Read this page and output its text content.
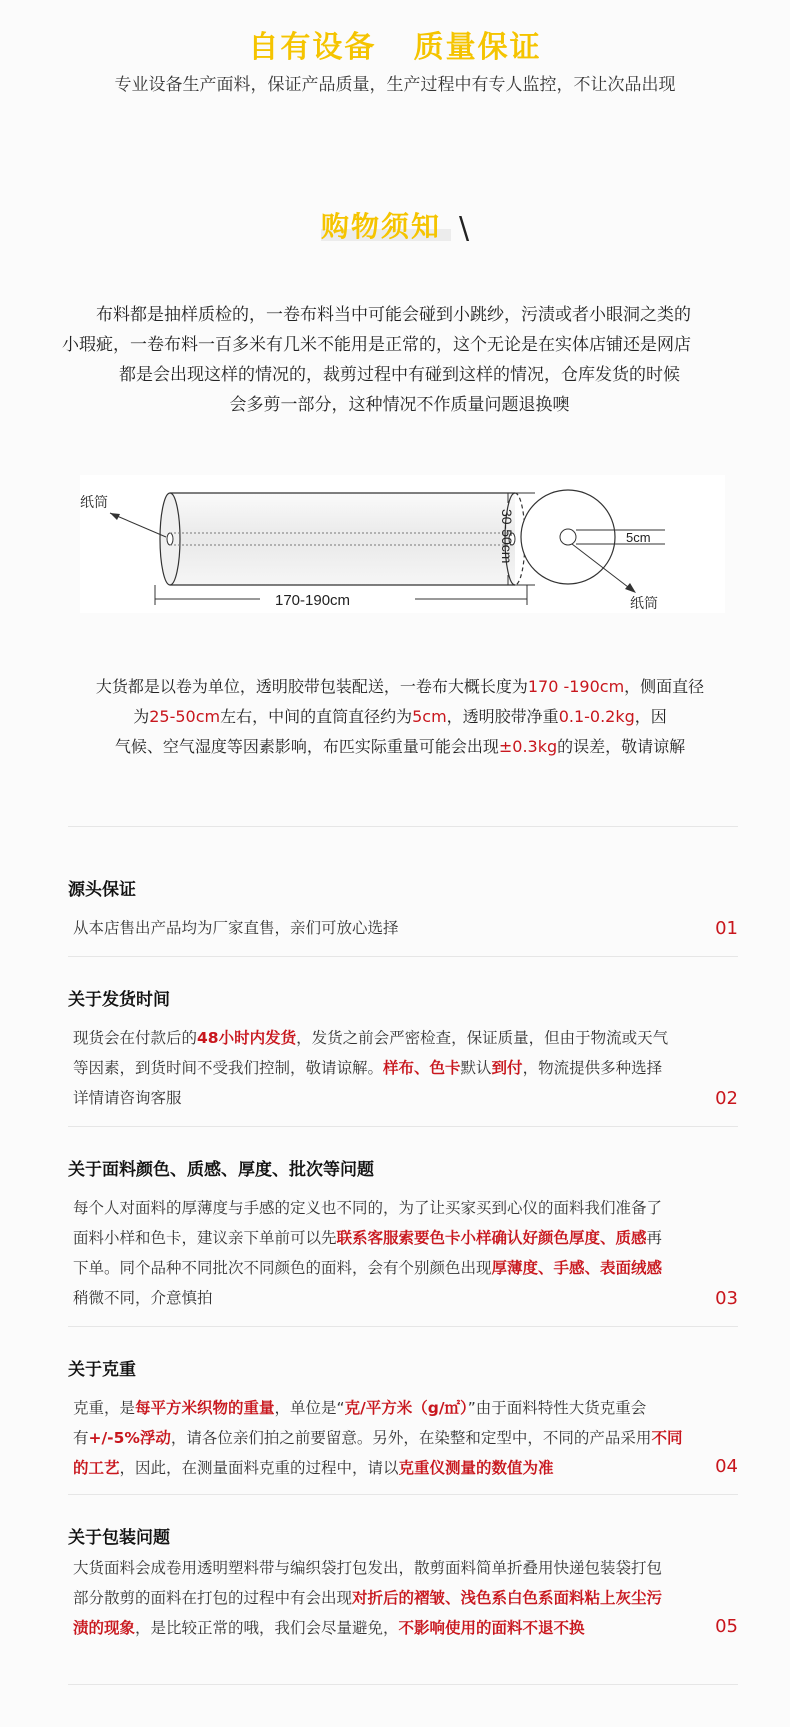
自有设备   质量保证
专业设备生产面料，保证产品质量，生产过程中有专人监控，不让次品出现
购物须知 \
布料都是抽样质检的，一卷布料当中可能会碰到小跳纱，污渍或者小眼洞之类的
小瑕疵，一卷布料一百多米有几米不能用是正常的，这个无论是在实体店铺还是网店
都是会出现这样的情况的，裁剪过程中有碰到这样的情况，仓库发货的时候
会多剪一部分，这种情况不作质量问题退换噢
纸筒
170-190cm
30-50cm	5cm
纸筒
大货都是以卷为单位，透明胶带包装配送，一卷布大概长度为170 -190cm，侧面直径
为25-50cm左右，中间的直筒直径约为5cm，透明胶带净重0.1-0.2kg，因
气候、空气湿度等因素影响，布匹实际重量可能会出现±0.3kg的误差，敬请谅解
源头保证
从本店售出产品均为厂家直售，亲们可放心选择	01
关于发货时间
现货会在付款后的48小时内发货，发货之前会严密检查，保证质量，但由于物流或天气
等因素，到货时间不受我们控制，敬请谅解。样布、色卡默认到付，物流提供多种选择
详情请咨询客服	02
关于面料颜色、质感、厚度、批次等问题
每个人对面料的厚薄度与手感的定义也不同的，为了让买家买到心仪的面料我们准备了
面料小样和色卡，建议亲下单前可以先联系客服索要色卡小样确认好颜色厚度、质感再
下单。同个品种不同批次不同颜色的面料，会有个别颜色出现厚薄度、手感、表面绒感
稍微不同，介意慎拍	03
关于克重
克重，是每平方米织物的重量，单位是“克/平方米（g/㎡）”由于面料特性大货克重会
有+/-5%浮动，请各位亲们拍之前要留意。另外，在染整和定型中，不同的产品采用不同
的工艺，因此，在测量面料克重的过程中，请以克重仪测量的数值为准	04
关于包装问题
大货面料会成卷用透明塑料带与编织袋打包发出，散剪面料简单折叠用快递包装袋打包
部分散剪的面料在打包的过程中有会出现对折后的褶皱、浅色系白色系面料粘上灰尘污
渍的现象，是比较正常的哦，我们会尽量避免，不影响使用的面料不退不换	05
